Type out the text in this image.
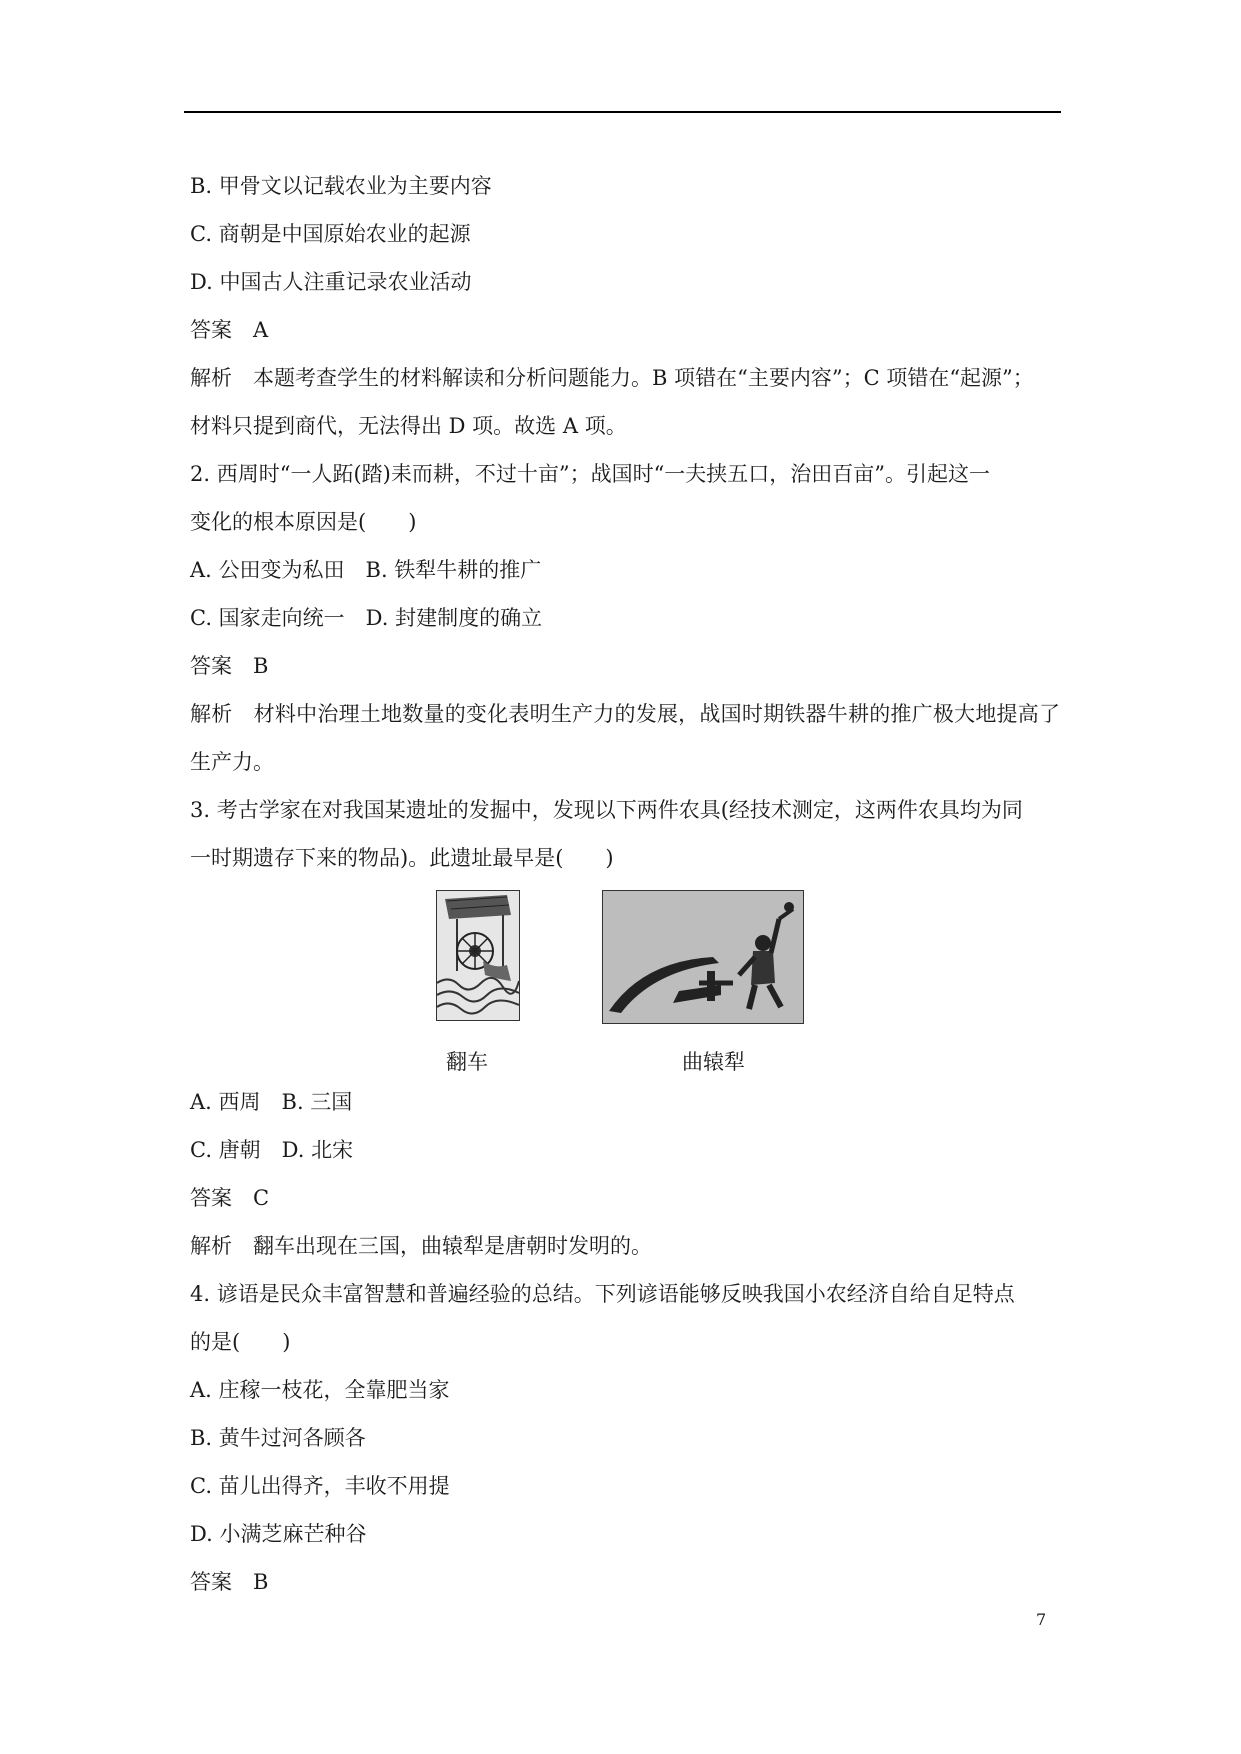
B. 甲骨文以记载农业为主要内容
C. 商朝是中国原始农业的起源
D. 中国古人注重记录农业活动
答案　A
解析　本题考查学生的材料解读和分析问题能力。B 项错在“主要内容”；C 项错在“起源”；
材料只提到商代，无法得出 D 项。故选 A 项。
2. 西周时“一人跖(踏)耒而耕，不过十亩”；战国时“一夫挟五口，治田百亩”。引起这一
变化的根本原因是(　　)
A. 公田变为私田　B. 铁犁牛耕的推广
C. 国家走向统一　D. 封建制度的确立
答案　B
解析　材料中治理土地数量的变化表明生产力的发展，战国时期铁器牛耕的推广极大地提高了生产力。
3. 考古学家在对我国某遗址的发掘中，发现以下两件农具(经技术测定，这两件农具均为同
一时期遗存下来的物品)。此遗址最早是(　　)
翻车	曲辕犁
A. 西周　B. 三国
C. 唐朝　D. 北宋
答案　C
解析　翻车出现在三国，曲辕犁是唐朝时发明的。
4. 谚语是民众丰富智慧和普遍经验的总结。下列谚语能够反映我国小农经济自给自足特点
的是(　　)
A. 庄稼一枝花，全靠肥当家
B. 黄牛过河各顾各
C. 苗儿出得齐，丰收不用提
D. 小满芝麻芒种谷
答案　B
7
